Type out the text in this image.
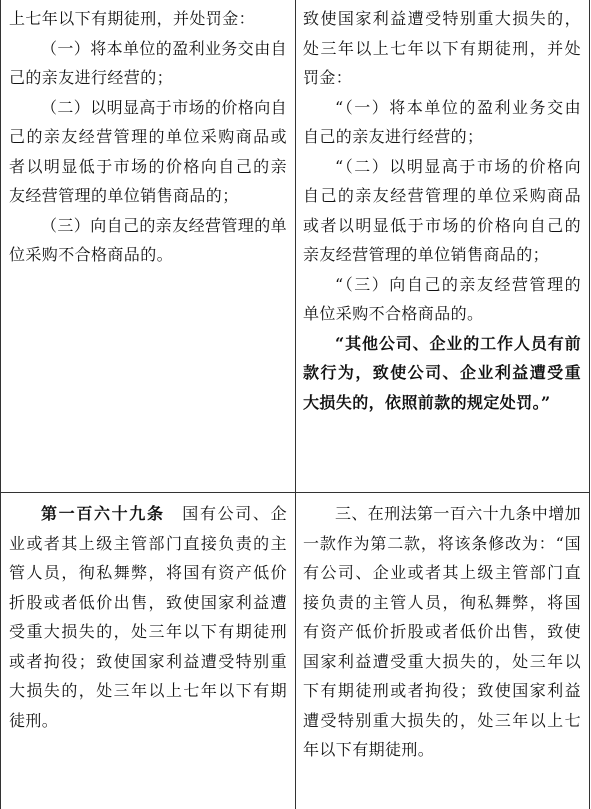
上七年以下有期徒刑，并处罚金：

（一）将本单位的盈利业务交由自己的亲友进行经营的；

（二）以明显高于市场的价格向自己的亲友经营管理的单位采购商品或者以明显低于市场的价格向自己的亲友经营管理的单位销售商品的；

（三）向自己的亲友经营管理的单位采购不合格商品的。

致使国家利益遭受特别重大损失的，处三年以上七年以下有期徒刑，并处罚金：

“（一）将本单位的盈利业务交由自己的亲友进行经营的；

“（二）以明显高于市场的价格向自己的亲友经营管理的单位采购商品或者以明显低于市场的价格向自己的亲友经营管理的单位销售商品的；

“（三）向自己的亲友经营管理的单位采购不合格商品的。

“其他公司、企业的工作人员有前款行为，致使公司、企业利益遭受重大损失的，依照前款的规定处罚。”

第一百六十九条　 国有公司、企业或者其上级主管部门直接负责的主管人员，徇私舞弊，将国有资产低价折股或者低价出售，致使国家利益遭受重大损失的，处三年以下有期徒刑或者拘役；致使国家利益遭受特别重大损失的，处三年以上七年以下有期徒刑。

三、在刑法第一百六十九条中增加一款作为第二款，将该条修改为：“国有公司、企业或者其上级主管部门直接负责的主管人员，徇私舞弊，将国有资产低价折股或者低价出售，致使国家利益遭受重大损失的，处三年以下有期徒刑或者拘役；致使国家利益遭受特别重大损失的，处三年以上七年以下有期徒刑。
